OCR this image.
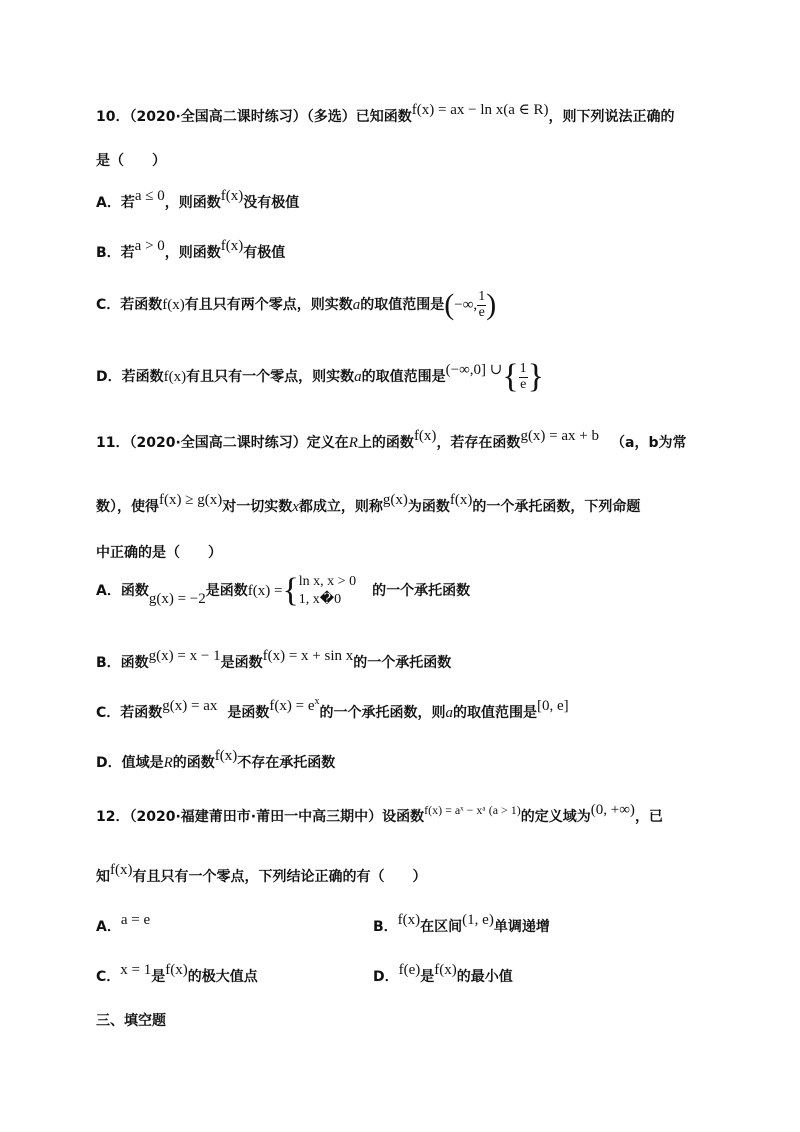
10．（2020·全国高二课时练习）（多选）已知函数f(x) = ax − ln x(a ∈ R)，则下列说法正确的
是（　　）
A．若a ≤ 0，则函数f(x)没有极值
B．若a > 0，则函数f(x)有极值
C．若函数f(x)有且只有两个零点，则实数a的取值范围是(−∞, $\frac{1}{e}$ )
D．若函数f(x)有且只有一个零点，则实数a的取值范围是(−∞,0] ∪{ $\frac{1}{e}$ }
11．（2020·全国高二课时练习）定义在R上的函数f(x)，若存在函数g(x) = ax + b （a，b为常
数），使得f(x) ≥ g(x)对一切实数x都成立，则称g(x)为函数f(x)的一个承托函数，下列命题
中正确的是（　　）
A．函数g(x) = −2是函数f(x) ={ ln x, x > 0
1, x�0
的一个承托函数
B．函数g(x) = x − 1是函数f(x) = x + sin x的一个承托函数
C．若函数g(x) = ax 是函数$f(x) = e^x$的一个承托函数，则a的取值范围是[0, e]
D．值域是R的函数f(x)不存在承托函数
12．（2020·福建莆田市·莆田一中高三期中）设函数f(x) = aˣ − xᵃ (a > 1)的定义域为(0, +∞)，已
知f(x)有且只有一个零点，下列结论正确的有（　　）
A．a = e	B．f(x)在区间(1, e)单调递增
C．x = 1是f(x)的极大值点	D．f(e)是f(x)的最小值
三、填空题
